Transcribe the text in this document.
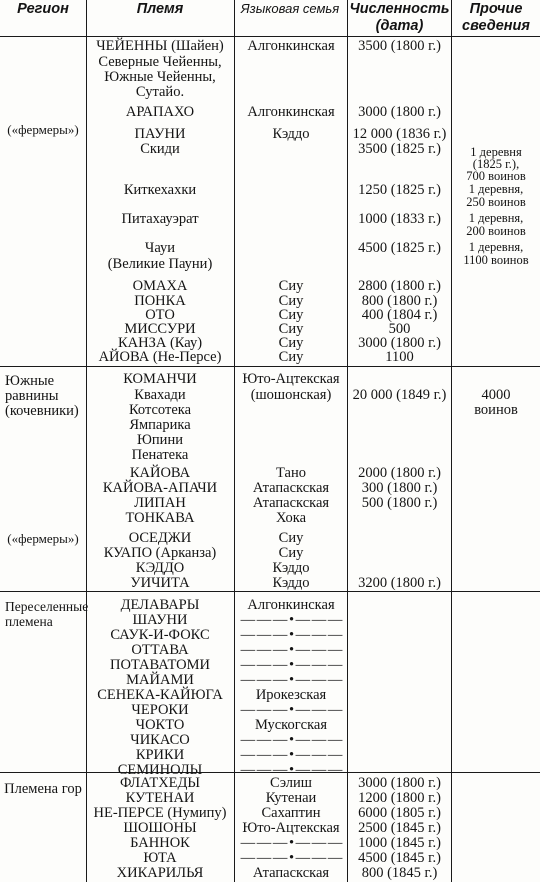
Регион	Племя	Языковая семья Численность (дата)
Прочие сведения
(«фермеры»)
Южные равнины (кочевники)
(«фермеры»)
Переселенные племена
Племена гор
ЧЕЙЕННЫ (Шайен)
Северные Чейенны,
Южные Чейенны,
Сутайо.
АРАПАХО
ПАУНИ
Скиди
Киткехахки
Питахауэрат
Чауи
(Великие Пауни)
ОМАХА
ПОНКА
ОТО
МИССУРИ
КАНЗА (Кау)
АЙОВА (Не-Персе)
КОМАНЧИ
Квахади
Котсотека
Ямпарика
Юпини
Пенатека
КАЙОВА
КАЙОВА-АПАЧИ
ЛИПАН
ТОНКАВА
ОСЕДЖИ
КУАПО (Арканза)
КЭДДО
УИЧИТА
ДЕЛАВАРЫ
ШАУНИ
САУК-И-ФОКС
ОТТАВА
ПОТАВАТОМИ
МАЙАМИ
СЕНЕКА-КАЙЮГА
ЧЕРОКИ
ЧОКТО
ЧИКАСО
КРИКИ
СЕМИНОЛЫ
ФЛАТХЕДЫ
КУТЕНАИ
НЕ-ПЕРСЕ (Нумипу)
ШОШОНЫ
БАННОК
ЮТА
ХИКАРИЛЬЯ
Алгонкинская
Алгонкинская
Кэддо
Сиу
Сиу
Сиу
Сиу
Сиу
Сиу
Юто-Ацтекская
(шошонская)
Тано
Атапаскская
Атапаскская
Хока
Сиу
Сиу
Кэддо
Кэддо
Алгонкинская
— — — • — — —
— — — • — — —
— — — • — — —
— — — • — — —
— — — • — — —
Ирокезская
— — — • — — —
Мускогская
— — — • — — —
— — — • — — —
— — — • — — —
Сэлиш
Кутенаи
Сахаптин
Юто-Ацтекская
— — — • — — —
— — — • — — —
Атапаскская
3500 (1800 г.)
3000 (1800 г.)
12 000 (1836 г.)
3500 (1825 г.)
1250 (1825 г.)
1000 (1833 г.)
4500 (1825 г.)
2800 (1800 г.)
800 (1800 г.)
400 (1804 г.)
500
3000 (1800 г.)
1100
20 000 (1849 г.)
2000 (1800 г.)
300 (1800 г.)
500 (1800 г.)
3200 (1800 г.)
3000 (1800 г.)
1200 (1800 г.)
6000 (1805 г.)
2500 (1845 г.)
1000 (1845 г.)
4500 (1845 г.)
800 (1845 г.)
1 деревня
(1825 г.),
700 воинов
1 деревня,
250 воинов
1 деревня,
200 воинов
1 деревня,
1100 воинов
4000
воинов
